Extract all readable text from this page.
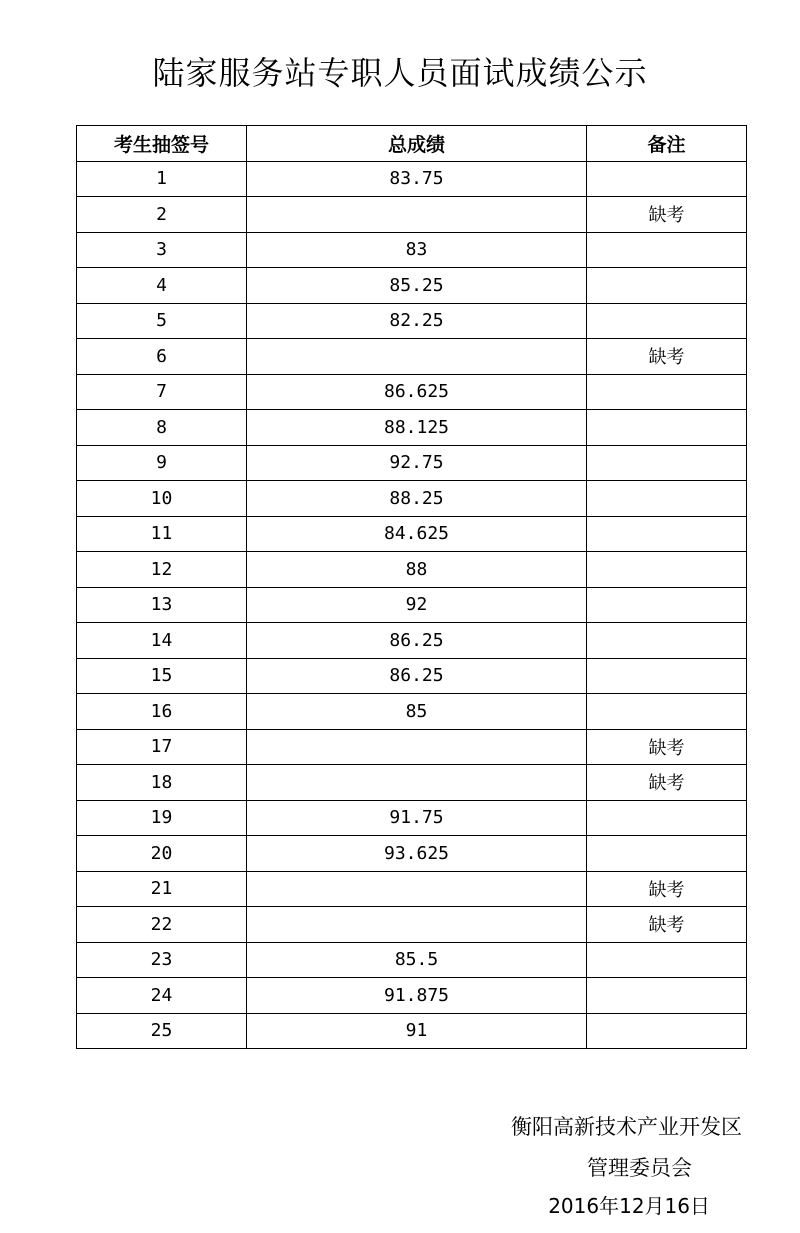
陆家服务站专职人员面试成绩公示
考生抽签号	总成绩	备注
1	83.75	
2		缺考
3	83	
4	85.25	
5	82.25	
6		缺考
7	86.625	
8	88.125	
9	92.75	
10	88.25	
11	84.625	
12	88	
13	92	
14	86.25	
15	86.25	
16	85	
17		缺考
18		缺考
19	91.75	
20	93.625	
21		缺考
22		缺考
23	85.5	
24	91.875	
25	91	
衡阳高新技术产业开发区
管理委员会
2016年12月16日
